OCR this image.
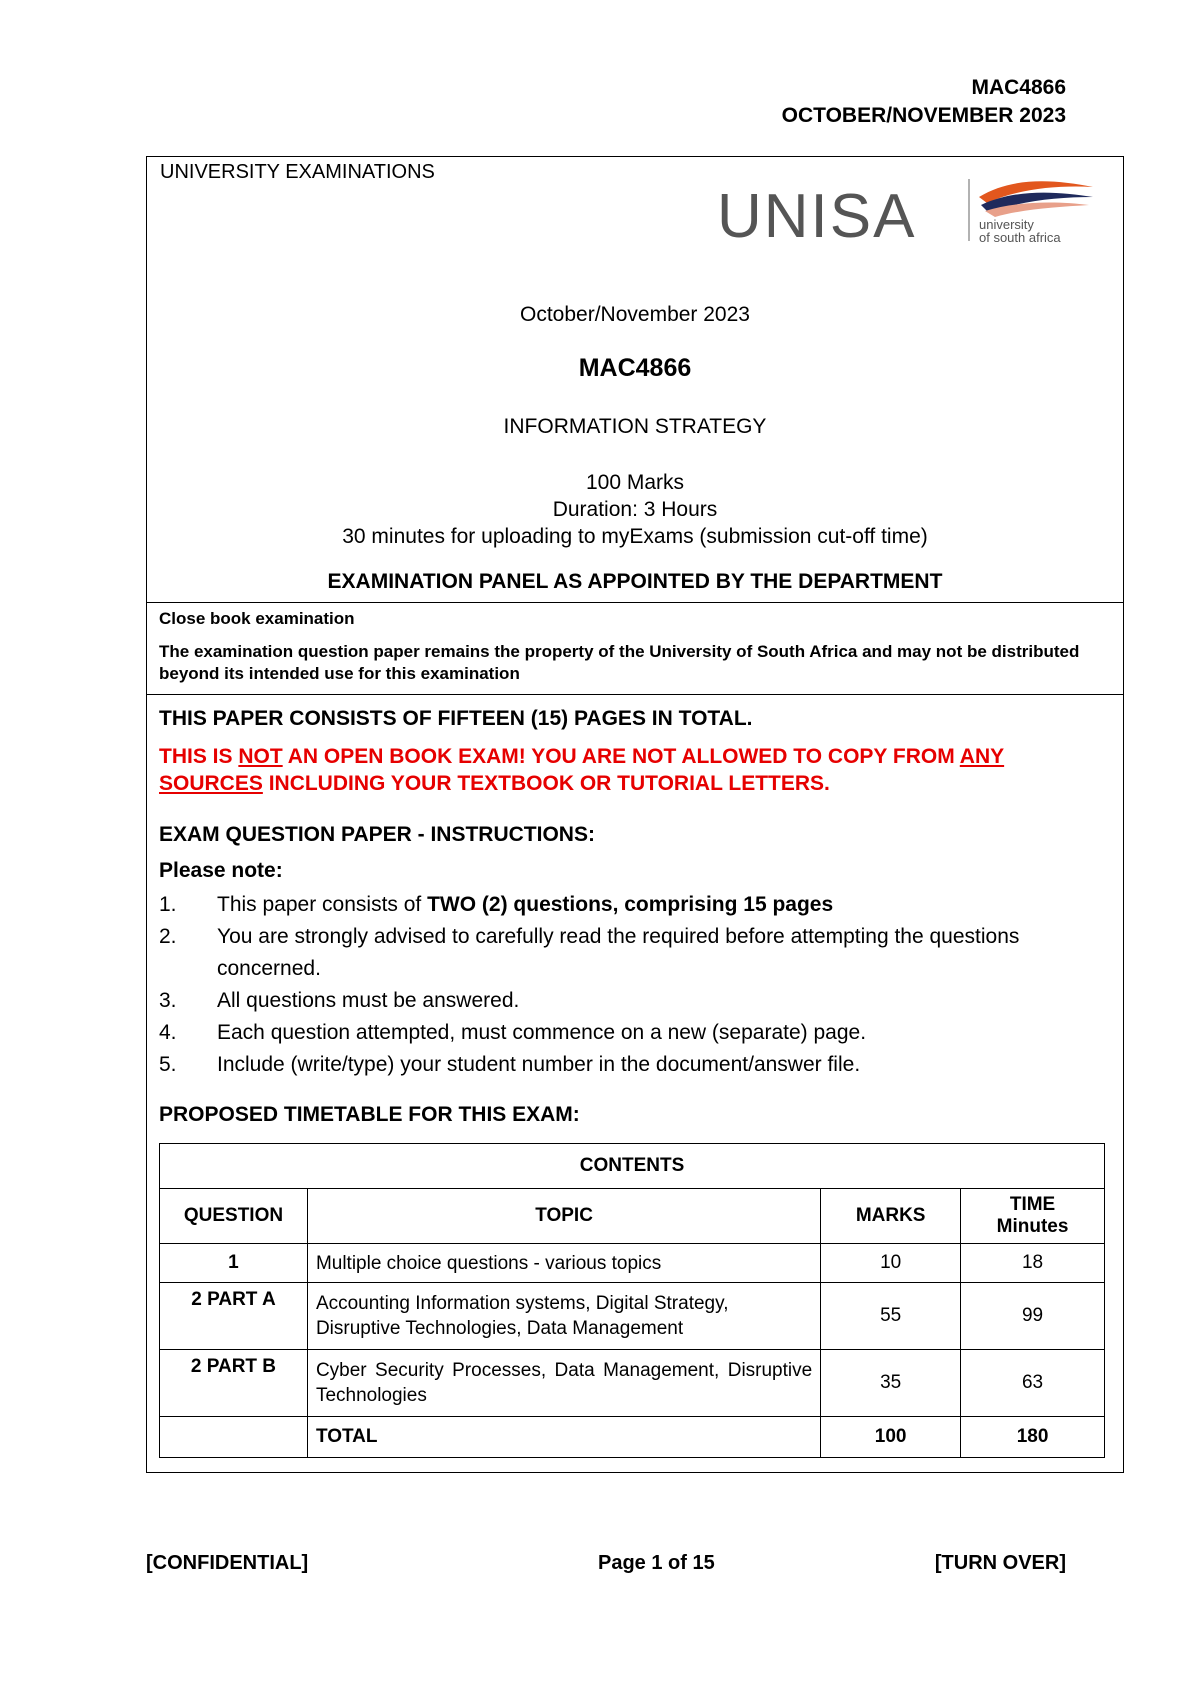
MAC4866
OCTOBER/NOVEMBER 2023
UNIVERSITY EXAMINATIONS
UNISA	university
of south africa
October/November 2023
MAC4866
INFORMATION STRATEGY
100 Marks
Duration: 3 Hours
30 minutes for uploading to myExams (submission cut-off time)
EXAMINATION PANEL AS APPOINTED BY THE DEPARTMENT
Close book examination
The examination question paper remains the property of the University of South Africa and may not be distributed beyond its intended use for this examination
THIS PAPER CONSISTS OF FIFTEEN (15) PAGES IN TOTAL.
THIS IS NOT AN OPEN BOOK EXAM! YOU ARE NOT ALLOWED TO COPY FROM ANY SOURCES INCLUDING YOUR TEXTBOOK OR TUTORIAL LETTERS.
EXAM QUESTION PAPER - INSTRUCTIONS:
Please note:
1.	This paper consists of TWO (2) questions, comprising 15 pages
2.	You are strongly advised to carefully read the required before attempting the questions concerned.
3.	All questions must be answered.
4.	Each question attempted, must commence on a new (separate) page.
5.	Include (write/type) your student number in the document/answer file.
PROPOSED TIMETABLE FOR THIS EXAM:
CONTENTS			
QUESTION	TOPIC	MARKS	TIME
Minutes

1	Multiple choice questions - various topics	10	18
2 PART A	Accounting Information systems, Digital Strategy, Disruptive Technologies, Data Management	55	99
2 PART B	Cyber Security Processes, Data Management, Disruptive Technologies	35	63
	TOTAL	100	180
[CONFIDENTIAL]	Page 1 of 15	[TURN OVER]
